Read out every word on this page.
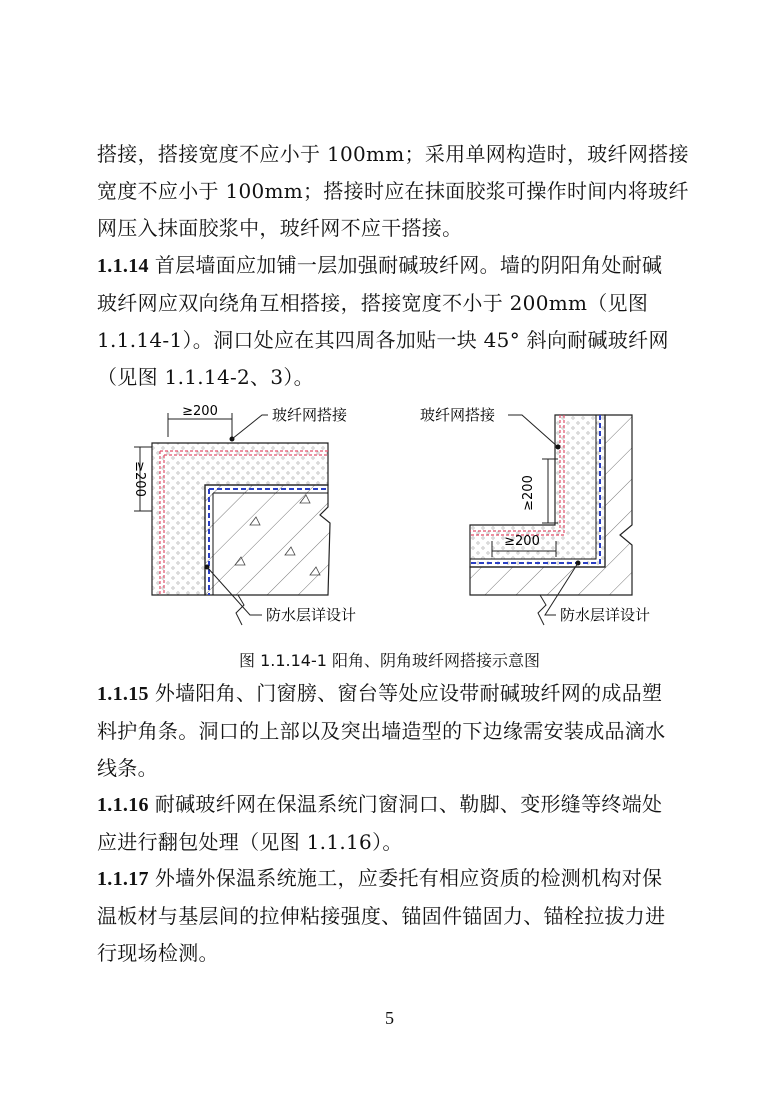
搭接，搭接宽度不应小于 100mm；采用单网构造时，玻纤网搭接
宽度不应小于 100mm；搭接时应在抹面胶浆可操作时间内将玻纤
网压入抹面胶浆中，玻纤网不应干搭接。
1.1.14 首层墙面应加铺一层加强耐碱玻纤网。墙的阴阳角处耐碱
玻纤网应双向绕角互相搭接，搭接宽度不小于 200mm（见图
1.1.14-1）。洞口处应在其四周各加贴一块 45° 斜向耐碱玻纤网
（见图 1.1.14-2、3）。
≥200
≥200
玻纤网搭接
防水层详设计
≥200
≥200
玻纤网搭接
防水层详设计
图 1.1.14-1 阳角、阴角玻纤网搭接示意图
1.1.15 外墙阳角、门窗膀、窗台等处应设带耐碱玻纤网的成品塑
料护角条。洞口的上部以及突出墙造型的下边缘需安装成品滴水
线条。
1.1.16 耐碱玻纤网在保温系统门窗洞口、勒脚、变形缝等终端处
应进行翻包处理（见图 1.1.16）。
1.1.17 外墙外保温系统施工，应委托有相应资质的检测机构对保
温板材与基层间的拉伸粘接强度、锚固件锚固力、锚栓拉拔力进
行现场检测。
5
